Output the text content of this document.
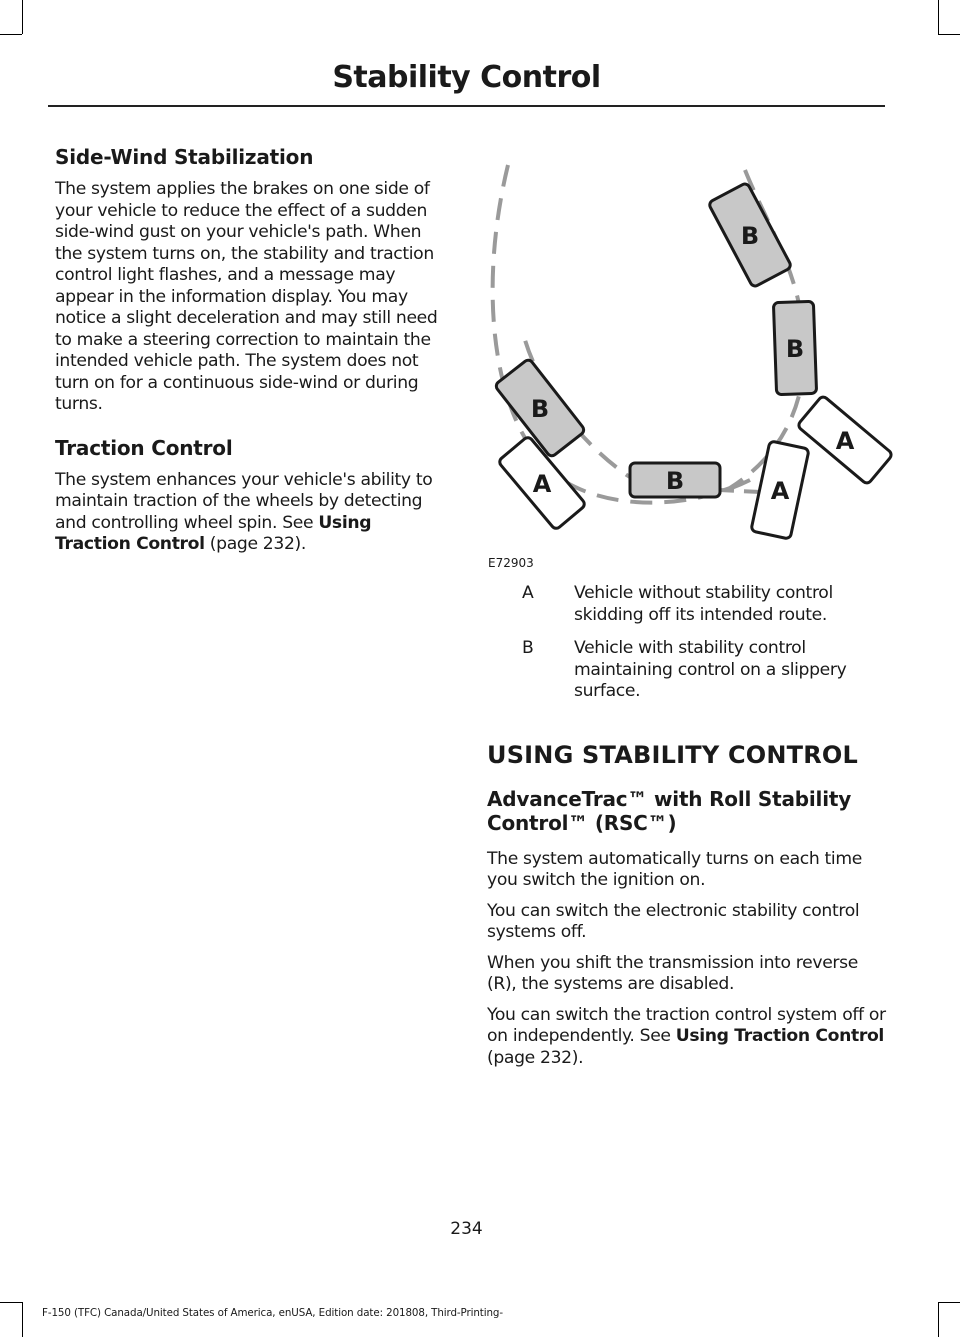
Stability Control
Side-Wind Stabilization

The system applies the brakes on one side of your vehicle to reduce the effect of a sudden side-wind gust on your vehicle's path. When the system turns on, the stability and traction control light flashes, and a message may appear in the information display. You may notice a slight deceleration and may still need to make a steering correction to maintain the intended vehicle path. The system does not turn on for a continuous side-wind or during turns.

Traction Control

The system enhances your vehicle's ability to maintain traction of the wheels by detecting and controlling wheel spin. See Using Traction Control (page 232).

B
B
B
B
A	A
A
E72903
A	Vehicle without stability control skidding off its intended route.
B	Vehicle with stability control maintaining control on a slippery surface.
USING STABILITY CONTROL
AdvanceTrac™ with Roll Stability Control™ (RSC™)

The system automatically turns on each time you switch the ignition on.

You can switch the electronic stability control systems off.

When you shift the transmission into reverse (R), the systems are disabled.

You can switch the traction control system off or on independently. See Using Traction Control (page 232).

234
F-150 (TFC) Canada/United States of America, enUSA, Edition date: 201808, Third-Printing-
